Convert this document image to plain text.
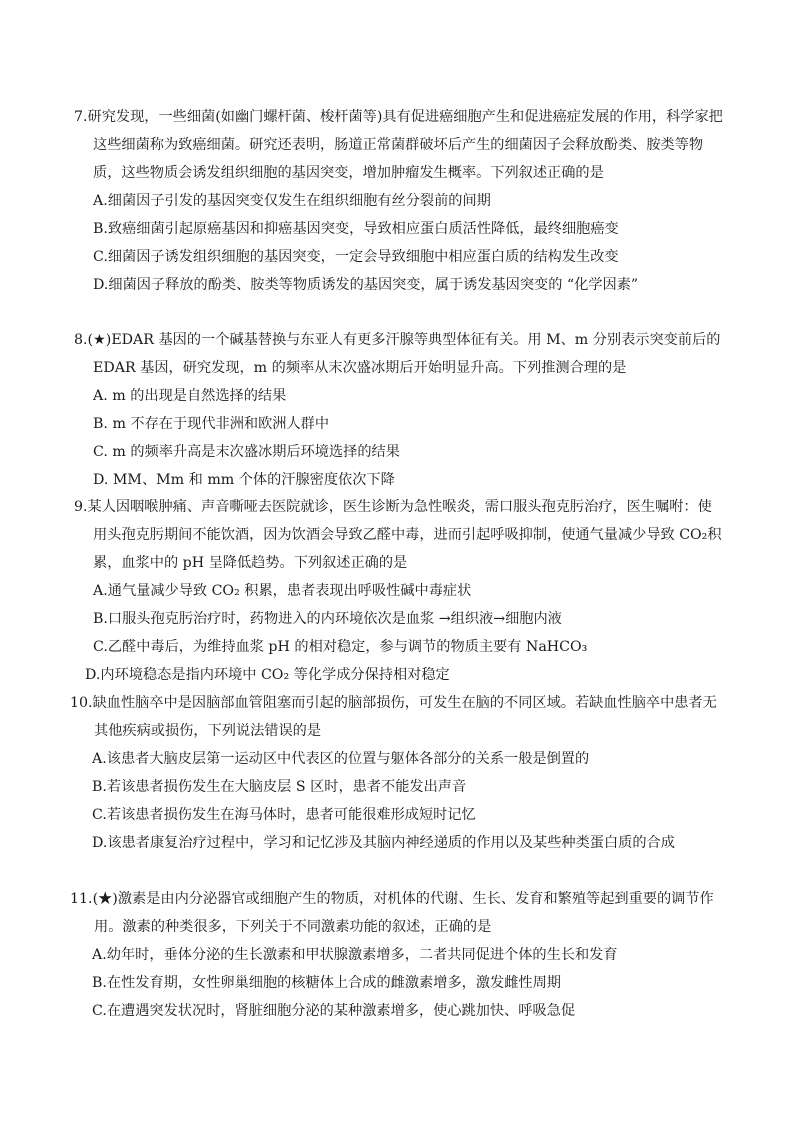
7.研究发现，一些细菌(如幽门螺杆菌、梭杆菌等)具有促进癌细胞产生和促进癌症发展的作用，科学家把这些细菌称为致癌细菌。研究还表明，肠道正常菌群破坏后产生的细菌因子会释放酚类、胺类等物质，这些物质会诱发组织细胞的基因突变，增加肿瘤发生概率。下列叙述正确的是

A.细菌因子引发的基因突变仅发生在组织细胞有丝分裂前的间期

B.致癌细菌引起原癌基因和抑癌基因突变，导致相应蛋白质活性降低，最终细胞癌变

C.细菌因子诱发组织细胞的基因突变，一定会导致细胞中相应蛋白质的结构发生改变

D.细菌因子释放的酚类、胺类等物质诱发的基因突变，属于诱发基因突变的 “化学因素”

8.(★)EDAR 基因的一个碱基替换与东亚人有更多汗腺等典型体征有关。用 M、m 分别表示突变前后的 EDAR 基因，研究发现，m 的频率从末次盛冰期后开始明显升高。下列推测合理的是

A. m 的出现是自然选择的结果

B. m 不存在于现代非洲和欧洲人群中

C. m 的频率升高是末次盛冰期后环境选择的结果

D. MM、Mm 和 mm 个体的汗腺密度依次下降

9.某人因咽喉肿痛、声音嘶哑去医院就诊，医生诊断为急性喉炎，需口服头孢克肟治疗，医生嘱咐：使用头孢克肟期间不能饮酒，因为饮酒会导致乙醛中毒，进而引起呼吸抑制，使通气量减少导致 CO₂积累，血浆中的 pH 呈降低趋势。下列叙述正确的是

A.通气量减少导致 CO₂ 积累，患者表现出呼吸性碱中毒症状

B.口服头孢克肟治疗时，药物进入的内环境依次是血浆 →组织液→细胞内液

C.乙醛中毒后，为维持血浆 pH 的相对稳定，参与调节的物质主要有 NaHCO₃

D.内环境稳态是指内环境中 CO₂ 等化学成分保持相对稳定

10.缺血性脑卒中是因脑部血管阻塞而引起的脑部损伤，可发生在脑的不同区域。若缺血性脑卒中患者无其他疾病或损伤，下列说法错误的是

A.该患者大脑皮层第一运动区中代表区的位置与躯体各部分的关系一般是倒置的

B.若该患者损伤发生在大脑皮层 S 区时，患者不能发出声音

C.若该患者损伤发生在海马体时，患者可能很难形成短时记忆

D.该患者康复治疗过程中，学习和记忆涉及其脑内神经递质的作用以及某些种类蛋白质的合成

11.(★)激素是由内分泌器官或细胞产生的物质，对机体的代谢、生长、发育和繁殖等起到重要的调节作用。激素的种类很多，下列关于不同激素功能的叙述，正确的是

A.幼年时，垂体分泌的生长激素和甲状腺激素增多，二者共同促进个体的生长和发育

B.在性发育期，女性卵巢细胞的核糖体上合成的雌激素增多，激发雌性周期

C.在遭遇突发状况时，肾脏细胞分泌的某种激素增多，使心跳加快、呼吸急促
